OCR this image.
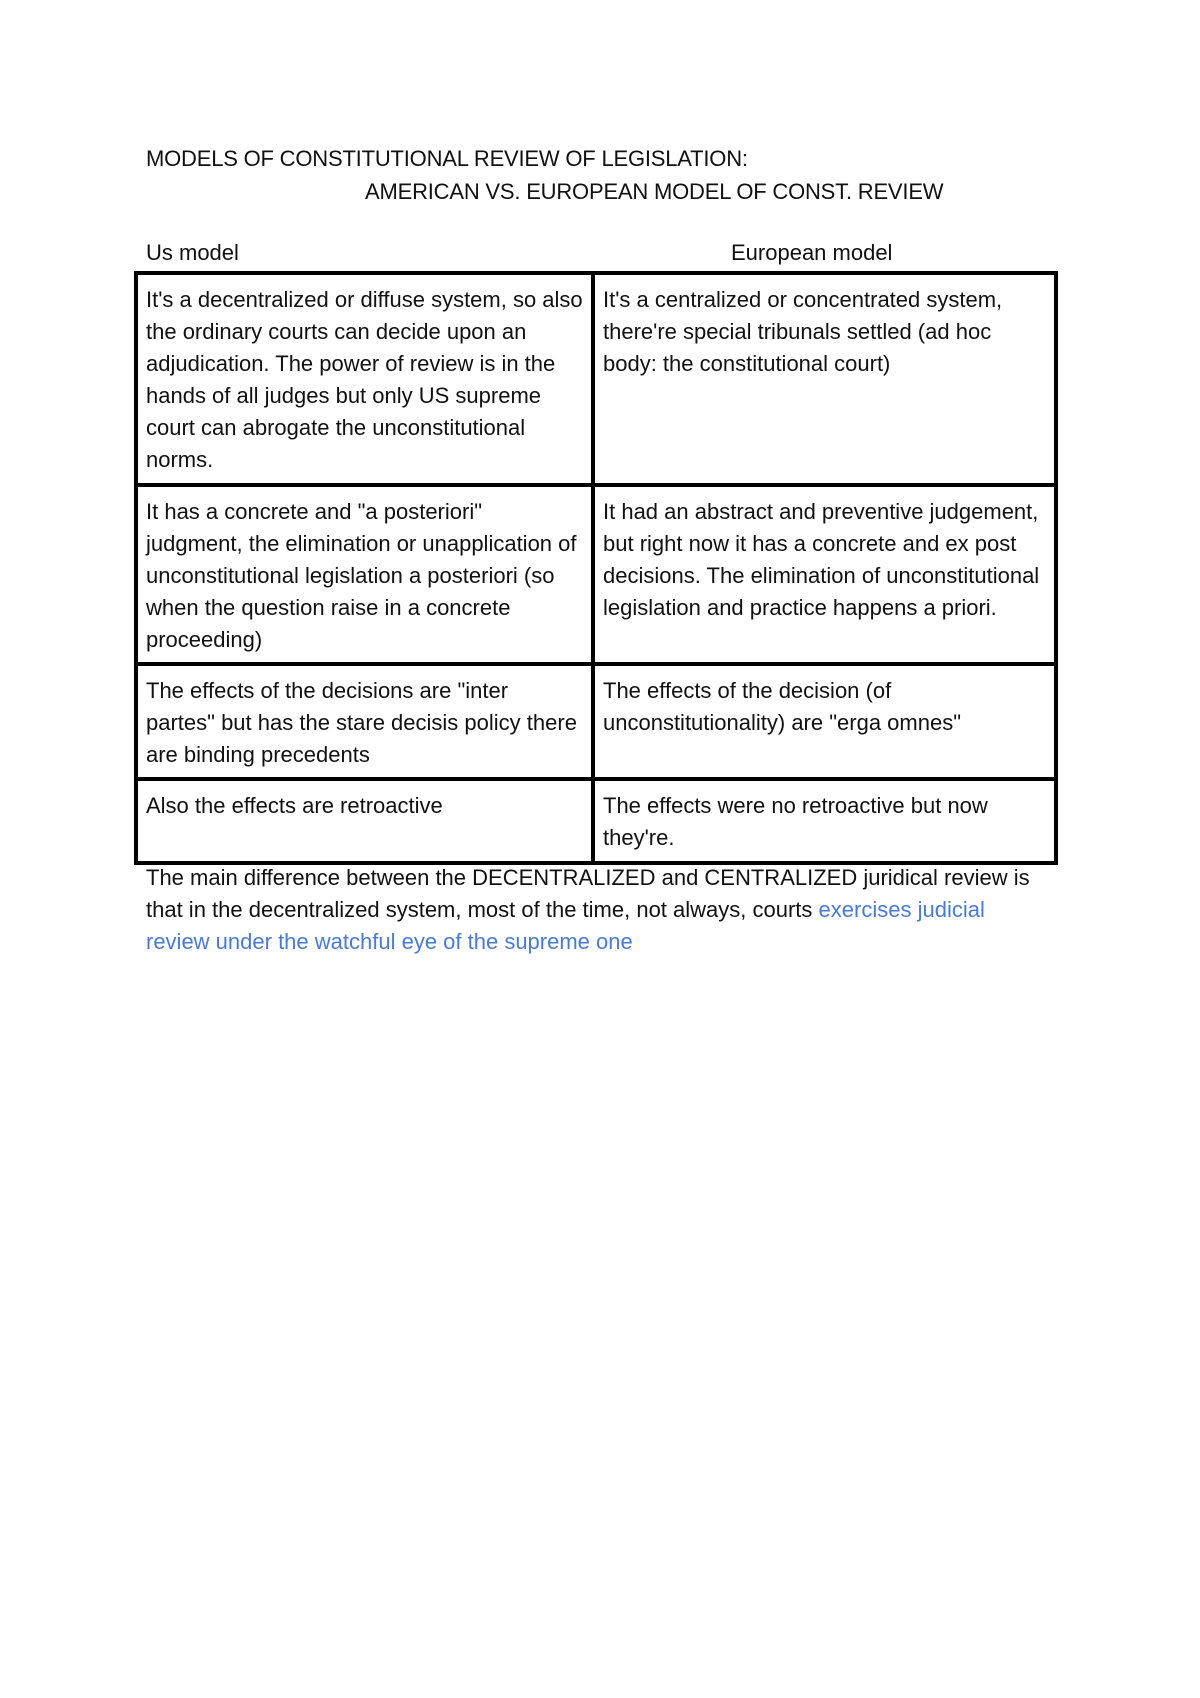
MODELS OF CONSTITUTIONAL REVIEW OF LEGISLATION:
AMERICAN VS. EUROPEAN MODEL OF CONST. REVIEW
Us model	European model
It's a decentralized or diffuse system, so also the ordinary courts can decide upon an adjudication. The power of review is in the hands of all judges but only US supreme court can abrogate the unconstitutional norms.	It's a centralized or concentrated system, there're special tribunals settled (ad hoc body: the constitutional court)
It has a concrete and "a posteriori" judgment, the elimination or unapplication of unconstitutional legislation a posteriori (so when the question raise in a concrete proceeding)	It had an abstract and preventive judgement, but right now it has a concrete and ex post decisions. The elimination of unconstitutional legislation and practice happens a priori.
The effects of the decisions are "inter partes" but has the stare decisis policy there are binding precedents	The effects of the decision (of unconstitutionality) are "erga omnes"
Also the effects are retroactive	The effects were no retroactive but now they're.
The main difference between the DECENTRALIZED and CENTRALIZED juridical review is that in the decentralized system, most of the time, not always, courts exercises judicial review under the watchful eye of the supreme one
